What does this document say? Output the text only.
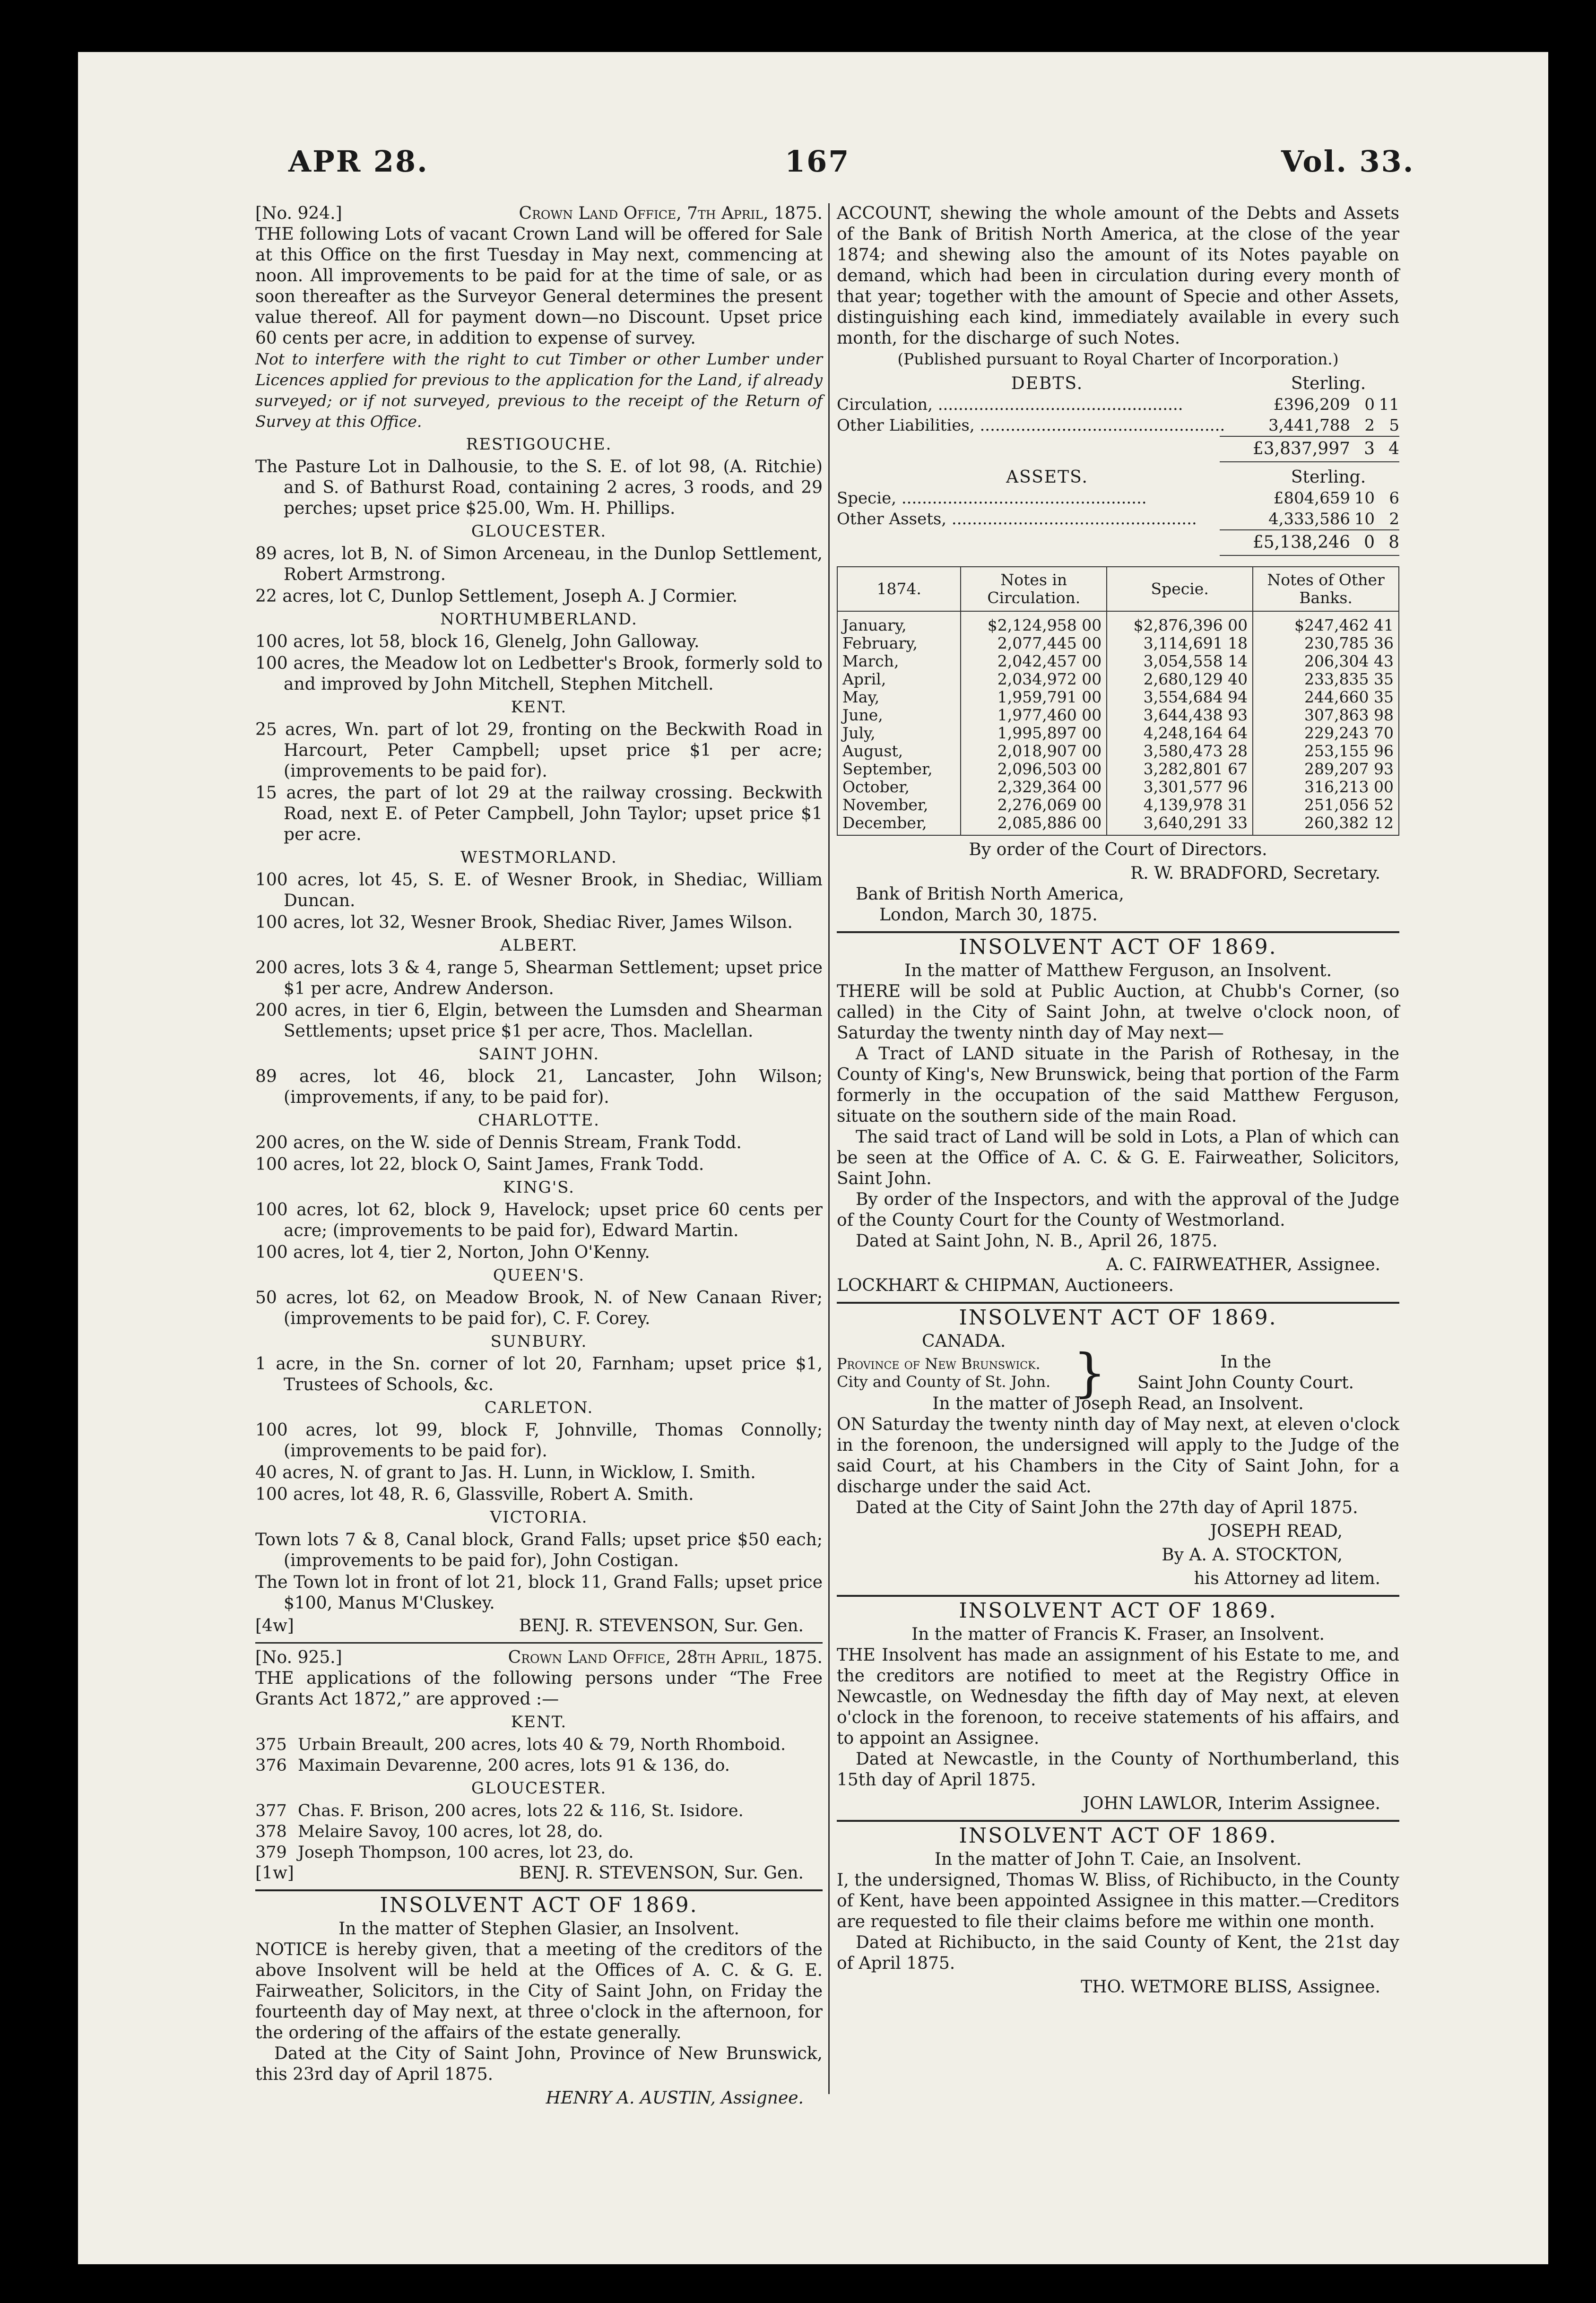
APR 28.	167	Vol. 33.
[No. 924.]	Crown Land Office, 7th April, 1875.

THE following Lots of vacant Crown Land will be offered for Sale at this Office on the first Tuesday in May next, commencing at noon. All improvements to be paid for at the time of sale, or as soon thereafter as the Surveyor General determines the present value thereof. All for payment down—no Discount. Upset price 60 cents per acre, in addition to expense of survey.

Not to interfere with the right to cut Timber or other Lumber under Licences applied for previous to the application for the Land, if already surveyed; or if not surveyed, previous to the receipt of the Return of Survey at this Office.

RESTIGOUCHE.

The Pasture Lot in Dalhousie, to the S. E. of lot 98, (A. Ritchie) and S. of Bathurst Road, containing 2 acres, 3 roods, and 29 perches; upset price $25.00, Wm. H. Phillips.

GLOUCESTER.

89 acres, lot B, N. of Simon Arceneau, in the Dunlop Settlement, Robert Armstrong.

22 acres, lot C, Dunlop Settlement, Joseph A. J Cormier.

NORTHUMBERLAND.

100 acres, lot 58, block 16, Glenelg, John Galloway.

100 acres, the Meadow lot on Ledbetter's Brook, formerly sold to and improved by John Mitchell, Stephen Mitchell.

KENT.

25 acres, Wn. part of lot 29, fronting on the Beckwith Road in Harcourt, Peter Campbell; upset price $1 per acre; (improvements to be paid for).

15 acres, the part of lot 29 at the railway crossing. Beckwith Road, next E. of Peter Campbell, John Taylor; upset price $1 per acre.

WESTMORLAND.

100 acres, lot 45, S. E. of Wesner Brook, in Shediac, William Duncan.

100 acres, lot 32, Wesner Brook, Shediac River, James Wilson.

ALBERT.

200 acres, lots 3 & 4, range 5, Shearman Settlement; upset price $1 per acre, Andrew Anderson.

200 acres, in tier 6, Elgin, between the Lumsden and Shearman Settlements; upset price $1 per acre, Thos. Maclellan.

SAINT JOHN.

89 acres, lot 46, block 21, Lancaster, John Wilson; (improvements, if any, to be paid for).

CHARLOTTE.

200 acres, on the W. side of Dennis Stream, Frank Todd.

100 acres, lot 22, block O, Saint James, Frank Todd.

KING'S.

100 acres, lot 62, block 9, Havelock; upset price 60 cents per acre; (improvements to be paid for), Edward Martin.

100 acres, lot 4, tier 2, Norton, John O'Kenny.

QUEEN'S.

50 acres, lot 62, on Meadow Brook, N. of New Canaan River; (improvements to be paid for), C. F. Corey.

SUNBURY.

1 acre, in the Sn. corner of lot 20, Farnham; upset price $1, Trustees of Schools, &c.

CARLETON.

100 acres, lot 99, block F, Johnville, Thomas Connolly; (improvements to be paid for).

40 acres, N. of grant to Jas. H. Lunn, in Wicklow, I. Smith.

100 acres, lot 48, R. 6, Glassville, Robert A. Smith.

VICTORIA.

Town lots 7 & 8, Canal block, Grand Falls; upset price $50 each; (improvements to be paid for), John Costigan.

The Town lot in front of lot 21, block 11, Grand Falls; upset price $100, Manus M'Cluskey.

[4w]	BENJ. R. STEVENSON, Sur. Gen.
[No. 925.]	Crown Land Office, 28th April, 1875.

THE applications of the following persons under “The Free Grants Act 1872,” are approved :—

KENT.

375 Urbain Breault, 200 acres, lots 40 & 79, North Rhomboid.
376 Maximain Devarenne, 200 acres, lots 91 & 136, do.

GLOUCESTER.

377 Chas. F. Brison, 200 acres, lots 22 & 116, St. Isidore.
378 Melaire Savoy, 100 acres, lot 28, do.
379 Joseph Thompson, 100 acres, lot 23, do.
[1w]	BENJ. R. STEVENSON, Sur. Gen.

INSOLVENT ACT OF 1869.

In the matter of Stephen Glasier, an Insolvent.

NOTICE is hereby given, that a meeting of the creditors of the above Insolvent will be held at the Offices of A. C. & G. E. Fairweather, Solicitors, in the City of Saint John, on Friday the fourteenth day of May next, at three o'clock in the afternoon, for the ordering of the affairs of the estate generally.

Dated at the City of Saint John, Province of New Brunswick, this 23rd day of April 1875.

HENRY A. AUSTIN, Assignee.

ACCOUNT, shewing the whole amount of the Debts and Assets of the Bank of British North America, at the close of the year 1874; and shewing also the amount of its Notes payable on demand, which had been in circulation during every month of that year; together with the amount of Specie and other Assets, distinguishing each kind, immediately available in every such month, for the discharge of such Notes.

(Published pursuant to Royal Charter of Incorporation.)

DEBTS.	Sterling.
Circulation, ................................................	£396,209 0 11
Other Liabilities, ................................................	3,441,788 2 5
£3,837,997 3 4
ASSETS.	Sterling.
Specie, ................................................	£804,659 10 6
Other Assets, ................................................	4,333,586 10 2
£5,138,246 0 8
1874.	Notes in Circulation.	Specie.	Notes of Other Banks.
January,	$2,124,958 00	$2,876,396 00	$247,462 41
February,	2,077,445 00	3,114,691 18	230,785 36
March,	2,042,457 00	3,054,558 14	206,304 43
April,	2,034,972 00	2,680,129 40	233,835 35
May,	1,959,791 00	3,554,684 94	244,660 35
June,	1,977,460 00	3,644,438 93	307,863 98
July,	1,995,897 00	4,248,164 64	229,243 70
August,	2,018,907 00	3,580,473 28	253,155 96
September,	2,096,503 00	3,282,801 67	289,207 93
October,	2,329,364 00	3,301,577 96	316,213 00
November,	2,276,069 00	4,139,978 31	251,056 52
December,	2,085,886 00	3,640,291 33	260,382 12

By order of the Court of Directors.

R. W. BRADFORD, Secretary.

Bank of British North America,

London, March 30, 1875.

INSOLVENT ACT OF 1869.

In the matter of Matthew Ferguson, an Insolvent.

THERE will be sold at Public Auction, at Chubb's Corner, (so called) in the City of Saint John, at twelve o'clock noon, of Saturday the twenty ninth day of May next—

A Tract of LAND situate in the Parish of Rothesay, in the County of King's, New Brunswick, being that portion of the Farm formerly in the occupation of the said Matthew Ferguson, situate on the southern side of the main Road.

The said tract of Land will be sold in Lots, a Plan of which can be seen at the Office of A. C. & G. E. Fairweather, Solicitors, Saint John.

By order of the Inspectors, and with the approval of the Judge of the County Court for the County of Westmorland.

Dated at Saint John, N. B., April 26, 1875.

A. C. FAIRWEATHER, Assignee.

LOCKHART & CHIPMAN, Auctioneers.

INSOLVENT ACT OF 1869.

CANADA.

Province of New Brunswick.
City and County of St. John. }	In the
Saint John County Court.

In the matter of Joseph Read, an Insolvent.

ON Saturday the twenty ninth day of May next, at eleven o'clock in the forenoon, the undersigned will apply to the Judge of the said Court, at his Chambers in the City of Saint John, for a discharge under the said Act.

Dated at the City of Saint John the 27th day of April 1875.

JOSEPH READ,

By A. A. STOCKTON,

his Attorney ad litem.

INSOLVENT ACT OF 1869.

In the matter of Francis K. Fraser, an Insolvent.

THE Insolvent has made an assignment of his Estate to me, and the creditors are notified to meet at the Registry Office in Newcastle, on Wednesday the fifth day of May next, at eleven o'clock in the forenoon, to receive statements of his affairs, and to appoint an Assignee.

Dated at Newcastle, in the County of Northumberland, this 15th day of April 1875.

JOHN LAWLOR, Interim Assignee.

INSOLVENT ACT OF 1869.

In the matter of John T. Caie, an Insolvent.

I, the undersigned, Thomas W. Bliss, of Richibucto, in the County of Kent, have been appointed Assignee in this matter.—Creditors are requested to file their claims before me within one month.

Dated at Richibucto, in the said County of Kent, the 21st day of April 1875.

THO. WETMORE BLISS, Assignee.
